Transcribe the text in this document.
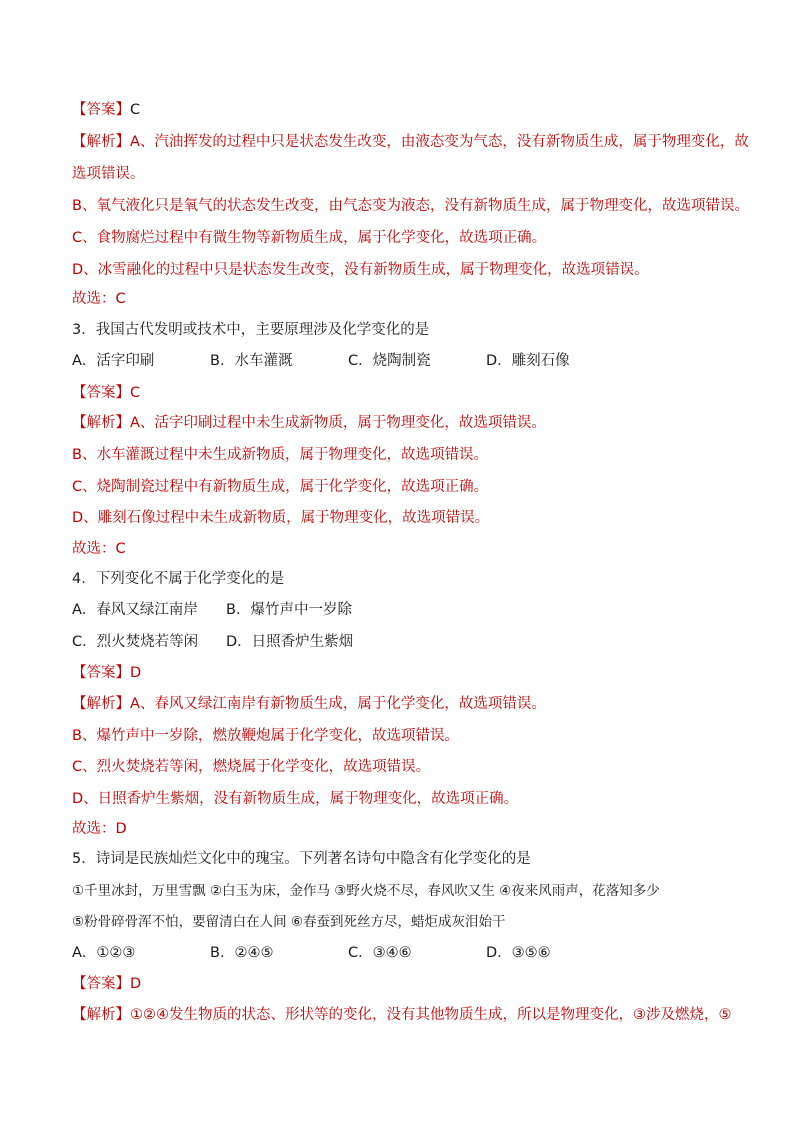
【答案】C
【解析】A、汽油挥发的过程中只是状态发生改变，由液态变为气态，没有新物质生成，属于物理变化，故
选项错误。
B、氧气液化只是氧气的状态发生改变，由气态变为液态，没有新物质生成，属于物理变化，故选项错误。
C、食物腐烂过程中有微生物等新物质生成，属于化学变化，故选项正确。
D、冰雪融化的过程中只是状态发生改变，没有新物质生成，属于物理变化，故选项错误。
故选：C
3．我国古代发明或技术中，主要原理涉及化学变化的是
A．活字印刷	B．水车灌溉	C．烧陶制瓷	D．雕刻石像
【答案】C
【解析】A、活字印刷过程中未生成新物质，属于物理变化，故选项错误。
B、水车灌溉过程中未生成新物质，属于物理变化，故选项错误。
C、烧陶制瓷过程中有新物质生成，属于化学变化，故选项正确。
D、雕刻石像过程中未生成新物质，属于物理变化，故选项错误。
故选：C
4．下列变化不属于化学变化的是
A．春风又绿江南岸 B．爆竹声中一岁除
C．烈火焚烧若等闲 D．日照香炉生紫烟
【答案】D
【解析】A、春风又绿江南岸有新物质生成，属于化学变化，故选项错误。
B、爆竹声中一岁除，燃放鞭炮属于化学变化，故选项错误。
C、烈火焚烧若等闲，燃烧属于化学变化，故选项错误。
D、日照香炉生紫烟，没有新物质生成，属于物理变化，故选项正确。
故选：D
5．诗词是民族灿烂文化中的瑰宝。下列著名诗句中隐含有化学变化的是
①千里冰封，万里雪飘 ②白玉为床，金作马 ③野火烧不尽，春风吹又生 ④夜来风雨声，花落知多少
⑤粉骨碎骨浑不怕，要留清白在人间 ⑥春蚕到死丝方尽，蜡炬成灰泪始干
A．①②③	B．②④⑤	C．③④⑥	D．③⑤⑥
【答案】D
【解析】①②④发生物质的状态、形状等的变化，没有其他物质生成，所以是物理变化，③涉及燃烧，⑤
